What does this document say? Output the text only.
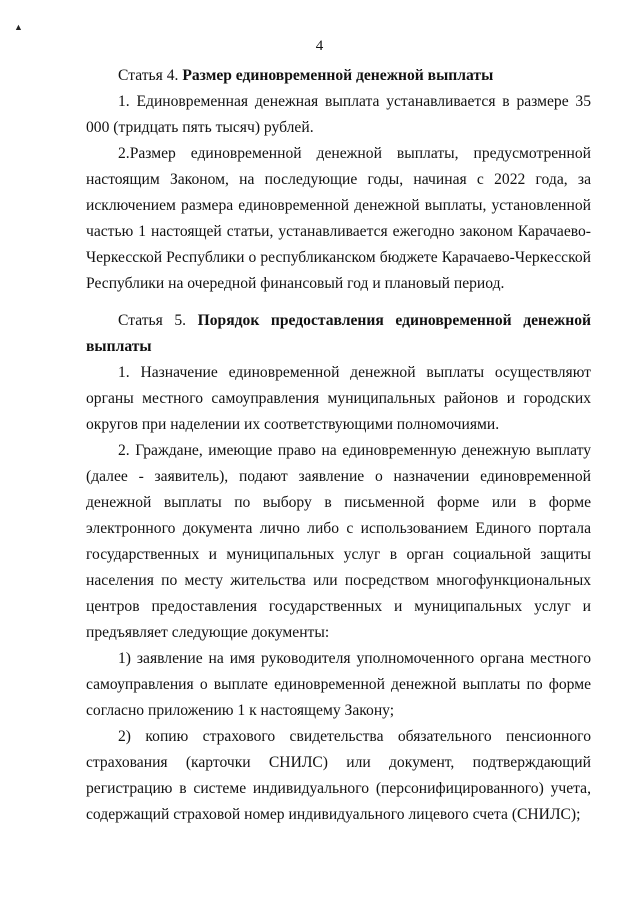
▲
4

Статья 4. Размер единовременной денежной выплаты

1. Единовременная денежная выплата устанавливается в размере 35 000 (тридцать пять тысяч) рублей.

2.Размер единовременной денежной выплаты, предусмотренной настоящим Законом, на последующие годы, начиная с 2022 года, за исключением размера единовременной денежной выплаты, установленной частью 1 настоящей статьи, устанавливается ежегодно законом Карачаево-Черкесской Республики о республиканском бюджете Карачаево-Черкесской Республики на очередной финансовый год и плановый период.

Статья 5. Порядок предоставления единовременной денежной

выплаты

1. Назначение единовременной денежной выплаты осуществляют органы местного самоуправления муниципальных районов и городских округов при наделении их соответствующими полномочиями.

2. Граждане, имеющие право на единовременную денежную выплату (далее - заявитель), подают заявление о назначении единовременной денежной выплаты по выбору в письменной форме или в форме электронного документа лично либо с использованием Единого портала государственных и муниципальных услуг в орган социальной защиты населения по месту жительства или посредством многофункциональных центров предоставления государственных и муниципальных услуг и предъявляет следующие документы:

1) заявление на имя руководителя уполномоченного органа местного самоуправления о выплате единовременной денежной выплаты по форме согласно приложению 1 к настоящему Закону;

2) копию страхового свидетельства обязательного пенсионного страхования (карточки СНИЛС) или документ, подтверждающий регистрацию в системе индивидуального (персонифицированного) учета, содержащий страховой номер индивидуального лицевого счета (СНИЛС);
